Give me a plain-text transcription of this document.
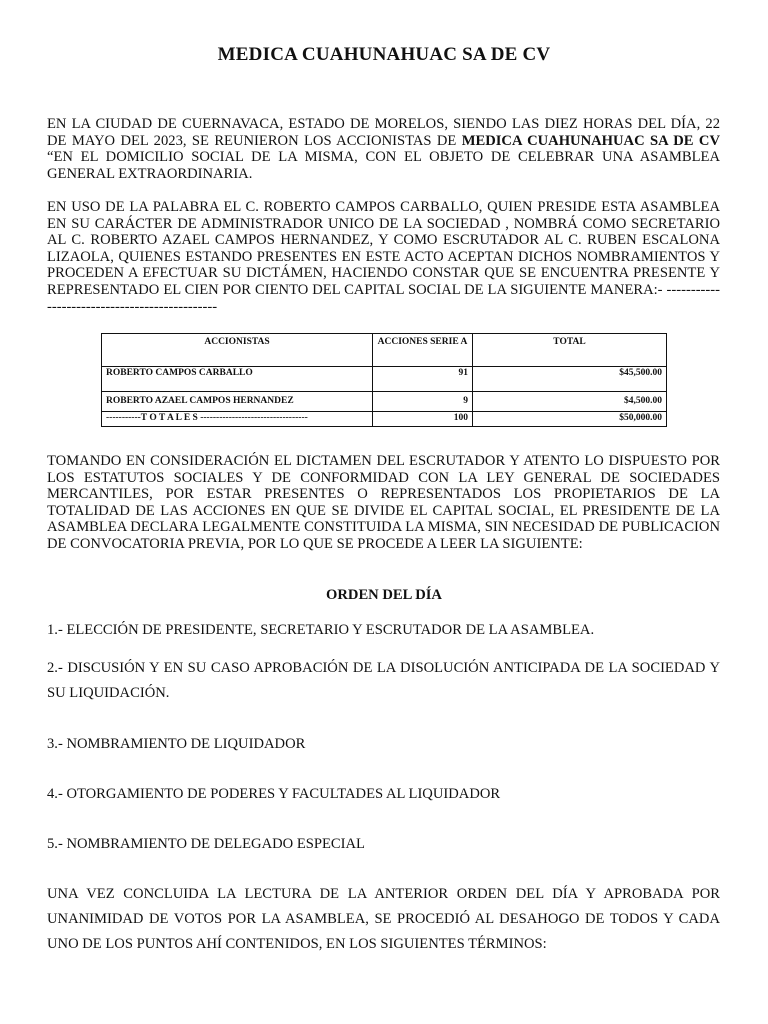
MEDICA CUAHUNAHUAC SA DE CV
EN LA CIUDAD DE CUERNAVACA, ESTADO DE MORELOS, SIENDO LAS DIEZ HORAS DEL DÍA, 22 DE MAYO DEL 2023, SE REUNIERON LOS ACCIONISTAS DE MEDICA CUAHUNAHUAC SA DE CV “EN EL DOMICILIO SOCIAL DE LA MISMA, CON EL OBJETO DE CELEBRAR UNA ASAMBLEA GENERAL EXTRAORDINARIA.
EN USO DE LA PALABRA EL C. ROBERTO CAMPOS CARBALLO, QUIEN PRESIDE ESTA ASAMBLEA EN SU CARÁCTER DE ADMINISTRADOR UNICO DE LA SOCIEDAD , NOMBRÁ COMO SECRETARIO AL C. ROBERTO AZAEL CAMPOS HERNANDEZ, Y COMO ESCRUTADOR AL C. RUBEN ESCALONA LIZAOLA, QUIENES ESTANDO PRESENTES EN ESTE ACTO ACEPTAN DICHOS NOMBRAMIENTOS Y PROCEDEN A EFECTUAR SU DICTÁMEN, HACIENDO CONSTAR QUE SE ENCUENTRA PRESENTE Y REPRESENTADO EL CIEN POR CIENTO DEL CAPITAL SOCIAL DE LA SIGUIENTE MANERA:- ----------------------------------------------
ACCIONISTAS	ACCIONES SERIE A	TOTAL
ROBERTO CAMPOS CARBALLO	91	$45,500.00
ROBERTO AZAEL CAMPOS HERNANDEZ	9	$4,500.00
-----------T O T A L E S ----------------------------------	100	$50,000.00
TOMANDO EN CONSIDERACIÓN EL DICTAMEN DEL ESCRUTADOR Y ATENTO LO DISPUESTO POR LOS ESTATUTOS SOCIALES Y DE CONFORMIDAD CON LA LEY GENERAL DE SOCIEDADES MERCANTILES, POR ESTAR PRESENTES O REPRESENTADOS LOS PROPIETARIOS DE LA TOTALIDAD DE LAS ACCIONES EN QUE SE DIVIDE EL CAPITAL SOCIAL, EL PRESIDENTE DE LA ASAMBLEA DECLARA LEGALMENTE CONSTITUIDA LA MISMA, SIN NECESIDAD DE PUBLICACION DE CONVOCATORIA PREVIA, POR LO QUE SE PROCEDE A LEER LA SIGUIENTE:
ORDEN DEL DÍA
1.- ELECCIÓN DE PRESIDENTE, SECRETARIO Y ESCRUTADOR DE LA ASAMBLEA.
2.- DISCUSIÓN Y EN SU CASO APROBACIÓN DE LA DISOLUCIÓN ANTICIPADA DE LA SOCIEDAD Y SU LIQUIDACIÓN.
3.- NOMBRAMIENTO DE LIQUIDADOR
4.- OTORGAMIENTO DE PODERES Y FACULTADES AL LIQUIDADOR
5.- NOMBRAMIENTO DE DELEGADO ESPECIAL
UNA VEZ CONCLUIDA LA LECTURA DE LA ANTERIOR ORDEN DEL DÍA Y APROBADA POR UNANIMIDAD DE VOTOS POR LA ASAMBLEA, SE PROCEDIÓ AL DESAHOGO DE TODOS Y CADA UNO DE LOS PUNTOS AHÍ CONTENIDOS, EN LOS SIGUIENTES TÉRMINOS:
